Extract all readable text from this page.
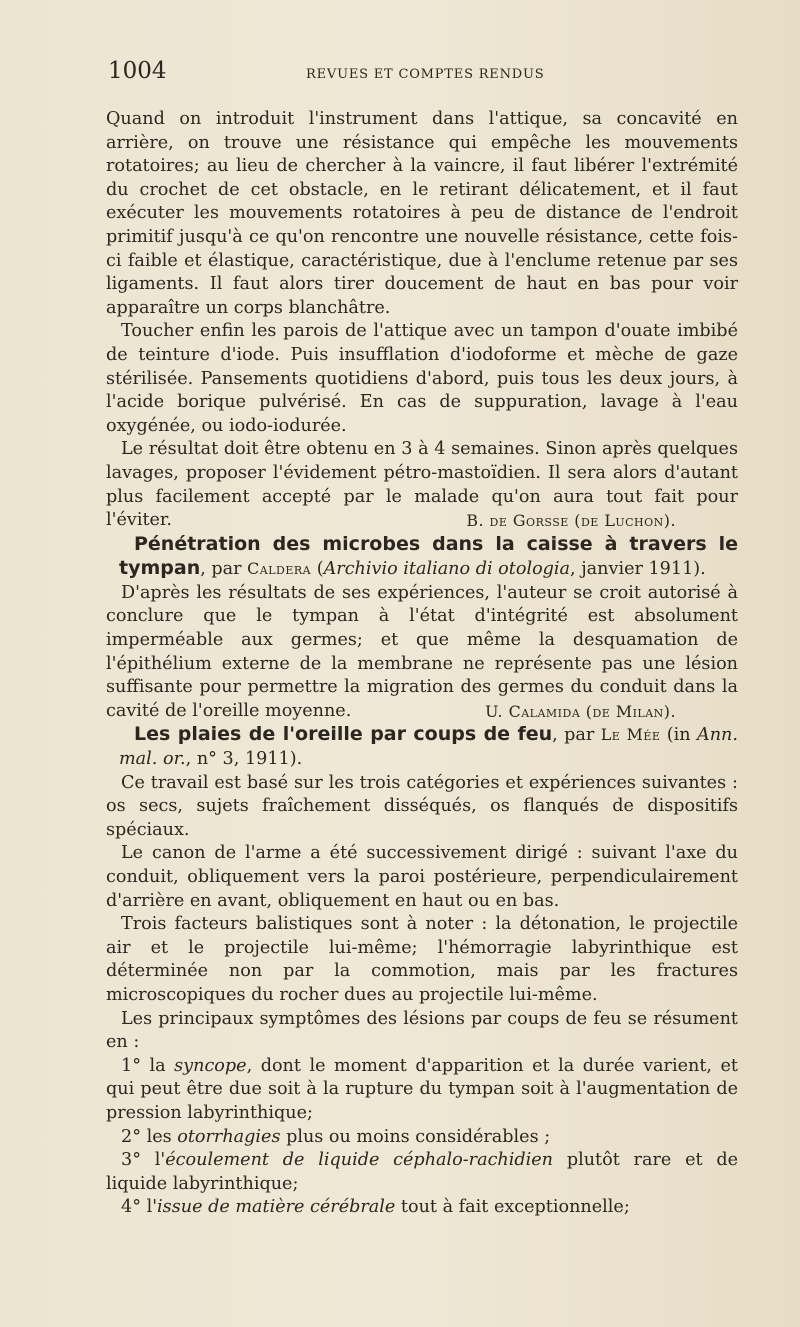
1004	REVUES ET COMPTES RENDUS

Quand on introduit l'instrument dans l'attique, sa concavité en arrière, on trouve une résistance qui empêche les mouvements rotatoires; au lieu de chercher à la vaincre, il faut libérer l'extrémité du crochet de cet obstacle, en le retirant délicatement, et il faut exécuter les mouvements rotatoires à peu de distance de l'endroit primitif jusqu'à ce qu'on rencontre une nouvelle résistance, cette fois-ci faible et élastique, caractéristique, due à l'enclume retenue par ses ligaments. Il faut alors tirer doucement de haut en bas pour voir apparaître un corps blanchâtre.

Toucher enfin les parois de l'attique avec un tampon d'ouate imbibé de teinture d'iode. Puis insufflation d'iodoforme et mèche de gaze stérilisée. Pansements quotidiens d'abord, puis tous les deux jours, à l'acide borique pulvérisé. En cas de suppuration, lavage à l'eau oxygénée, ou iodo-iodurée.

Le résultat doit être obtenu en 3 à 4 semaines. Sinon après quelques lavages, proposer l'évidement pétro-mastoïdien. Il sera alors d'autant plus facilement accepté par le malade qu'on aura tout fait pour l'éviter.	B. de Gorsse (de Luchon).

Pénétration des microbes dans la caisse à travers le tympan, par Caldera (Archivio italiano di otologia, janvier 1911).

D'après les résultats de ses expériences, l'auteur se croit autorisé à conclure que le tympan à l'état d'intégrité est absolument imperméable aux germes; et que même la desquamation de l'épithélium externe de la membrane ne représente pas une lésion suffisante pour permettre la migration des germes du conduit dans la cavité de l'oreille moyenne.	U. Calamida (de Milan).

Les plaies de l'oreille par coups de feu, par Le Mée (in Ann. mal. or., n° 3, 1911).

Ce travail est basé sur les trois catégories et expériences suivantes : os secs, sujets fraîchement disséqués, os flanqués de dispositifs spéciaux.

Le canon de l'arme a été successivement dirigé : suivant l'axe du conduit, obliquement vers la paroi postérieure, perpendiculairement d'arrière en avant, obliquement en haut ou en bas.

Trois facteurs balistiques sont à noter : la détonation, le projectile air et le projectile lui-même; l'hémorragie labyrinthique est déterminée non par la commotion, mais par les fractures microscopiques du rocher dues au projectile lui-même.

Les principaux symptômes des lésions par coups de feu se résument en :

1° la syncope, dont le moment d'apparition et la durée varient, et qui peut être due soit à la rupture du tympan soit à l'augmentation de pression labyrinthique;

2° les otorrhagies plus ou moins considérables ;

3° l'écoulement de liquide céphalo-rachidien plutôt rare et de liquide labyrinthique;

4° l'issue de matière cérébrale tout à fait exceptionnelle;
